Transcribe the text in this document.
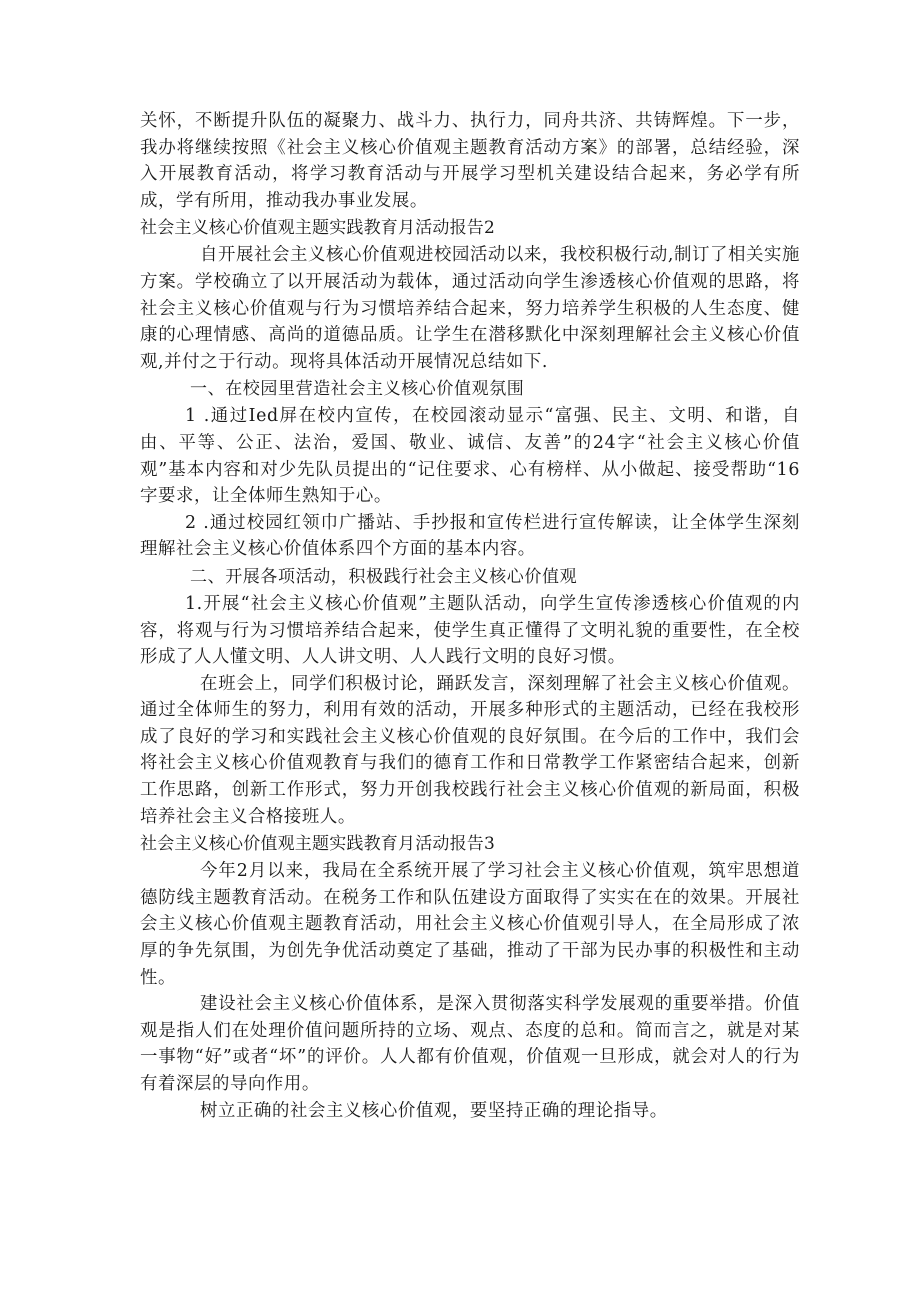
关怀，不断提升队伍的凝聚力、战斗力、执行力，同舟共济、共铸辉煌。下一步，我办将继续按照《社会主义核心价值观主题教育活动方案》的部署，总结经验，深入开展教育活动，将学习教育活动与开展学习型机关建设结合起来，务必学有所成，学有所用，推动我办事业发展。

社会主义核心价值观主题实践教育月活动报告2

自开展社会主义核心价值观进校园活动以来，我校积极行动,制订了相关实施方案。学校确立了以开展活动为载体，通过活动向学生渗透核心价值观的思路，将社会主义核心价值观与行为习惯培养结合起来，努力培养学生积极的人生态度、健康的心理情感、高尚的道德品质。让学生在潜移默化中深刻理解社会主义核心价值观,并付之于行动。现将具体活动开展情况总结如下.

一、在校园里营造社会主义核心价值观氛围

1 .通过Ied屏在校内宣传，在校园滚动显示“富强、民主、文明、和谐，自由、平等、公正、法治，爱国、敬业、诚信、友善”的24字“社会主义核心价值观”基本内容和对少先队员提出的“记住要求、心有榜样、从小做起、接受帮助“16字要求，让全体师生熟知于心。

2 .通过校园红领巾广播站、手抄报和宣传栏进行宣传解读，让全体学生深刻理解社会主义核心价值体系四个方面的基本内容。

二、开展各项活动，积极践行社会主义核心价值观

1.开展“社会主义核心价值观”主题队活动，向学生宣传渗透核心价值观的内容，将观与行为习惯培养结合起来，使学生真正懂得了文明礼貌的重要性，在全校形成了人人懂文明、人人讲文明、人人践行文明的良好习惯。

在班会上，同学们积极讨论，踊跃发言，深刻理解了社会主义核心价值观。通过全体师生的努力，利用有效的活动，开展多种形式的主题活动，已经在我校形成了良好的学习和实践社会主义核心价值观的良好氛围。在今后的工作中，我们会将社会主义核心价值观教育与我们的德育工作和日常教学工作紧密结合起来，创新工作思路，创新工作形式，努力开创我校践行社会主义核心价值观的新局面，积极培养社会主义合格接班人。

社会主义核心价值观主题实践教育月活动报告3

今年2月以来，我局在全系统开展了学习社会主义核心价值观，筑牢思想道德防线主题教育活动。在税务工作和队伍建设方面取得了实实在在的效果。开展社会主义核心价值观主题教育活动，用社会主义核心价值观引导人，在全局形成了浓厚的争先氛围，为创先争优活动奠定了基础，推动了干部为民办事的积极性和主动性。

建设社会主义核心价值体系，是深入贯彻落实科学发展观的重要举措。价值观是指人们在处理价值问题所持的立场、观点、态度的总和。简而言之，就是对某一事物“好”或者“坏”的评价。人人都有价值观，价值观一旦形成，就会对人的行为有着深层的导向作用。

树立正确的社会主义核心价值观，要坚持正确的理论指导。
